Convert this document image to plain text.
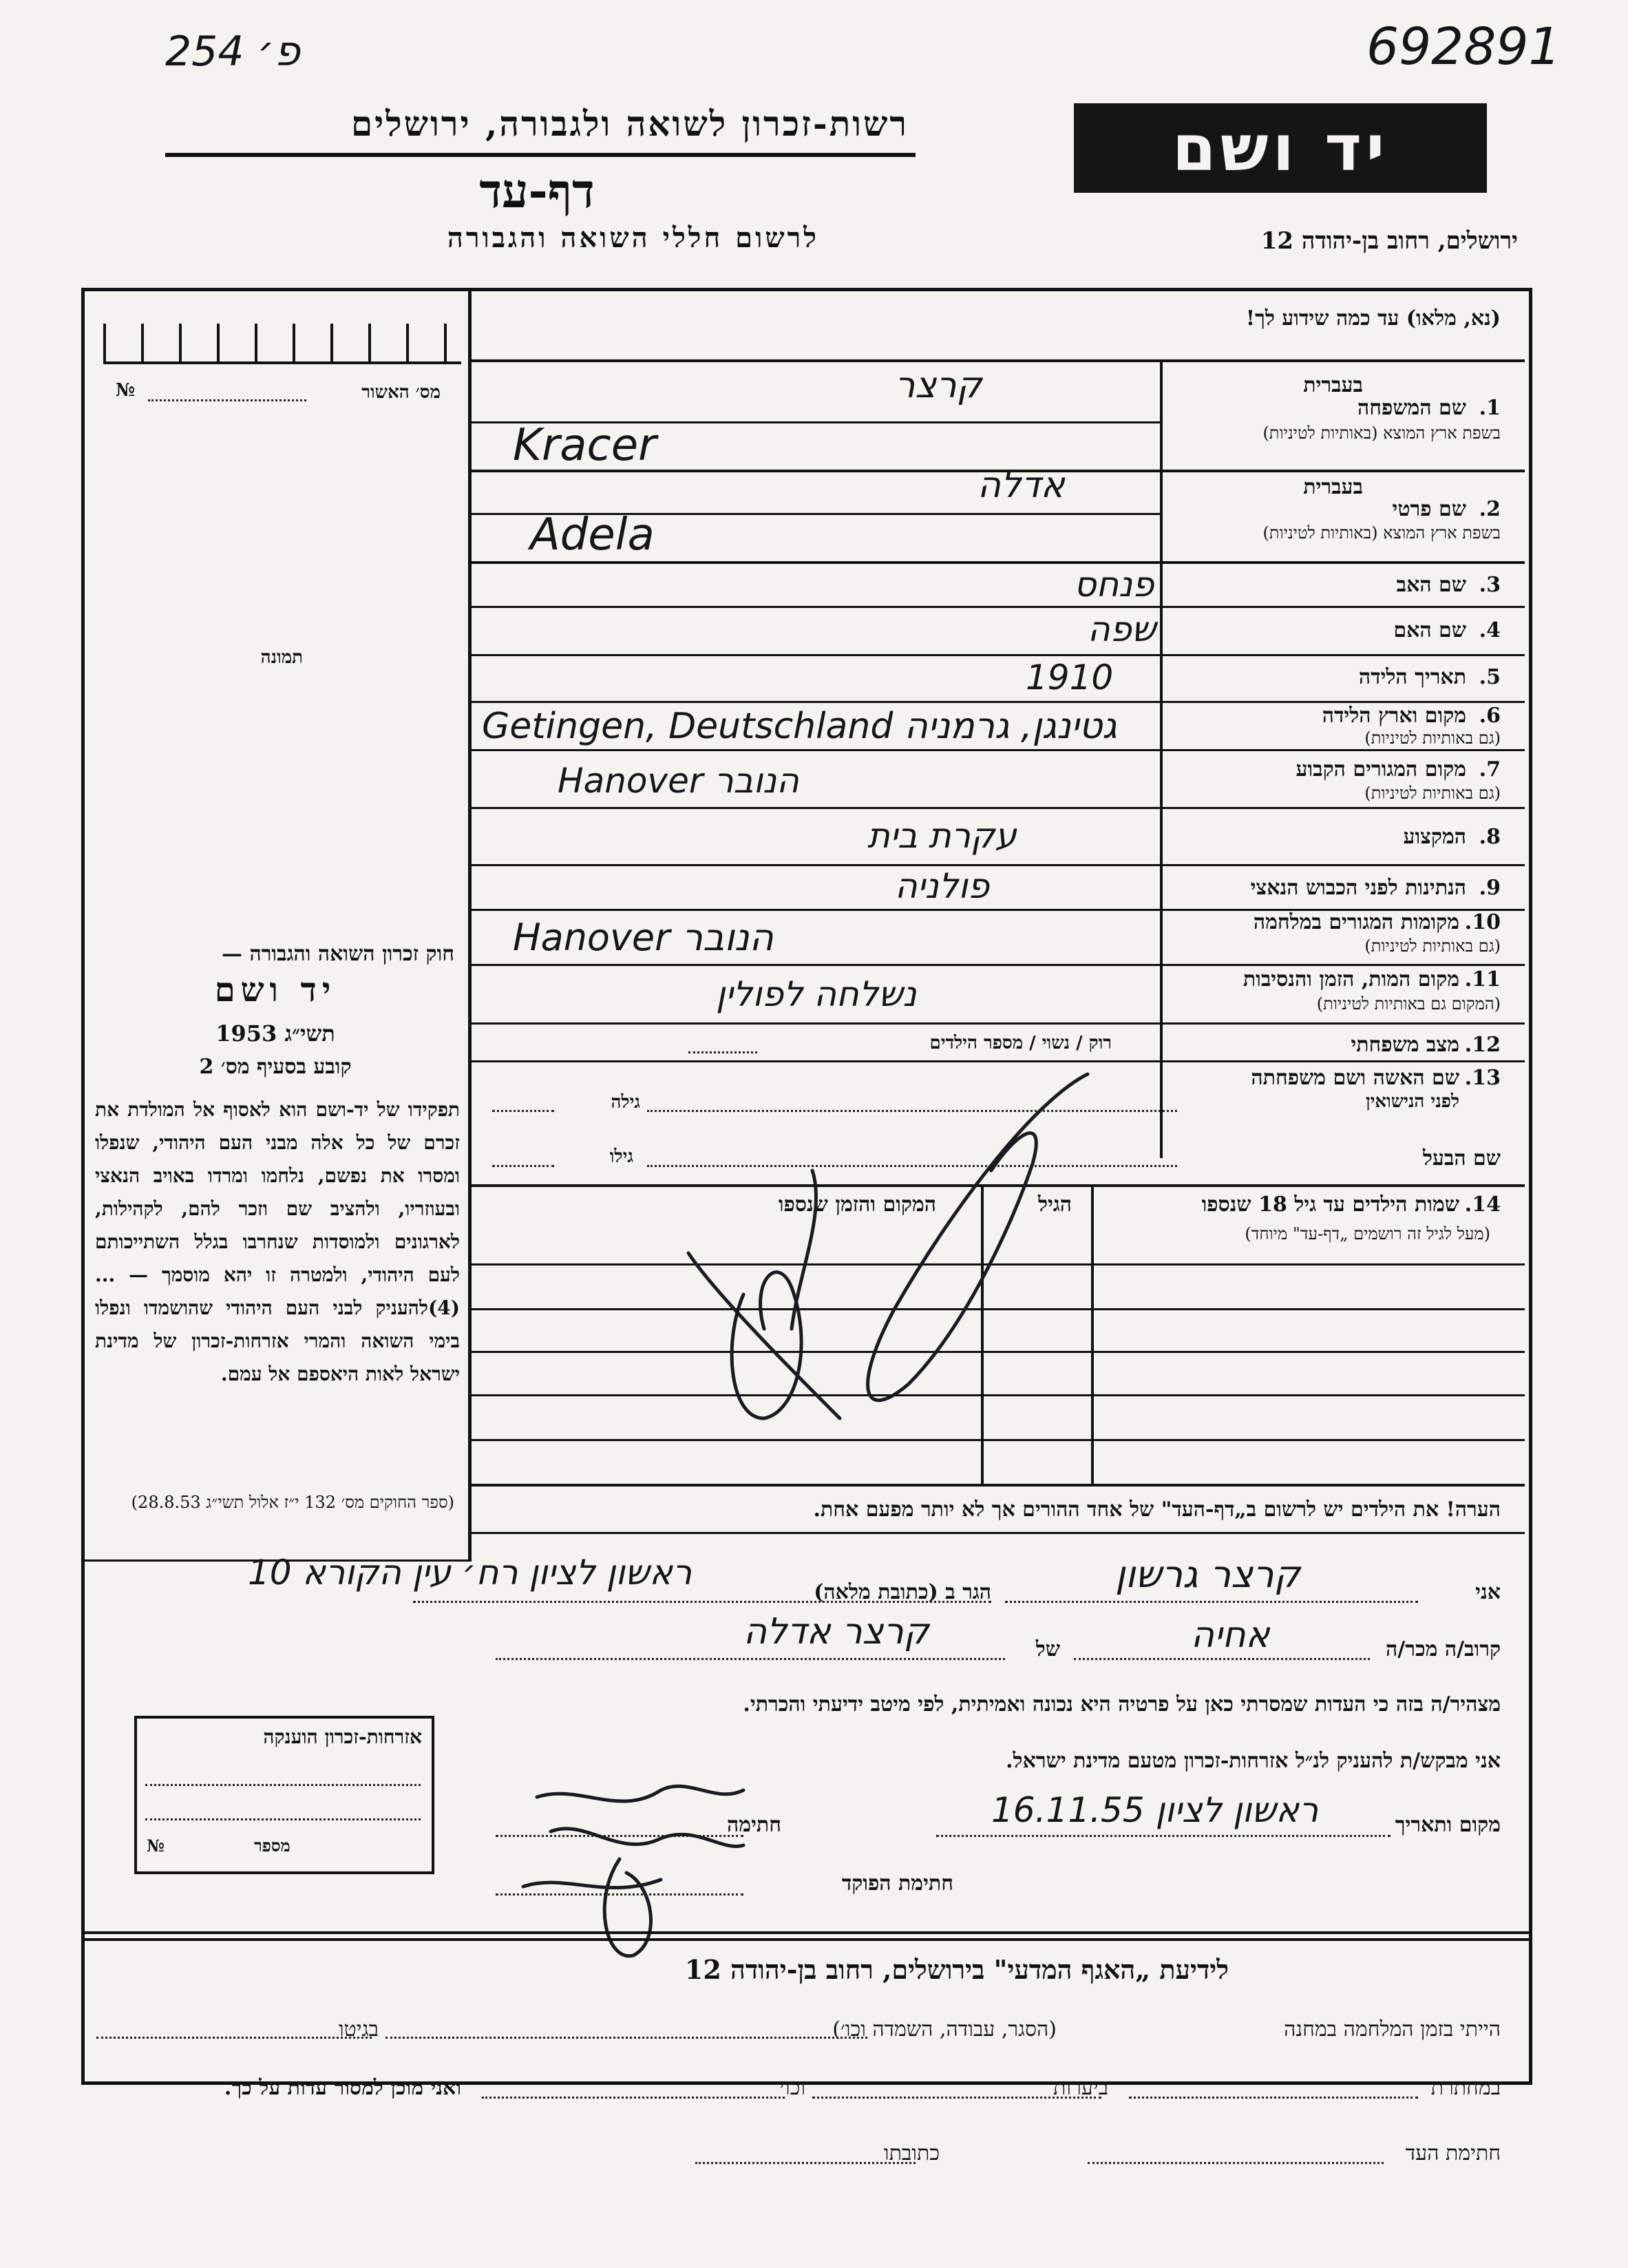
פ׳ 254	692891
רשות-זכרון לשואה ולגבורה, ירושלים
דף-עד
לרשום חללי השואה והגבורה
יד ושם
ירושלים, רחוב בן-יהודה 12
(נא, מלאו) עד כמה שידוע לך!
מס׳ האשור
№
תמונה
חוק זכרון השואה והגבורה —
יד ושם
תשי״ג 1953
קובע בסעיף מס׳ 2
תפקידו של יד-ושם הוא לאסוף אל המולדת את זכרם של כל אלה מבני העם היהודי, שנפלו ומסרו את נפשם, נלחמו ומרדו באויב הנאצי ובעוזריו, ולהציב שם וזכר להם, לקהילות, לארגונים ולמוסדות שנחרבו בגלל השתייכותם לעם היהודי, ולמטרה זו יהא מוסמך — ...(4)להעניק לבני העם היהודי שהושמדו ונפלו בימי השואה והמרי אזרחות-זכרון של מדינת ישראל לאות היאספם אל עמם.
(ספר החוקים מס׳ 132 י״ז אלול תשי״ג 28.8.53)
בעברית
1.
שם המשפחה
בשפת ארץ המוצא (באותיות לטיניות)
קרצר
Kracer
בעברית
2.
שם פרטי
בשפת ארץ המוצא (באותיות לטיניות)
אדלה
Adela
3.
שם האב
פנחס
4.
שם האם
שפה
5.
תאריך הלידה
1910
6.
מקום וארץ הלידה
(גם באותיות לטיניות)
Getingen, Deutschland גטינגן, גרמניה
7.
מקום המגורים הקבוע
(גם באותיות לטיניות)
Hanover הנובר
8.
המקצוע
עקרת בית
9.
הנתינות לפני הכבוש הנאצי
פולניה
10.
מקומות המגורים במלחמה
(גם באותיות לטיניות)
Hanover הנובר
11.
מקום המות, הזמן והנסיבות
(המקום גם באותיות לטיניות)
נשלחה לפולין
12.
מצב משפחתי
רוק / נשוי / מספר הילדים
13.
שם האשה ושם משפחתה
לפני הנישואין
גילה
שם הבעל
גילו
14.
שמות הילדים עד גיל 18 שנספו
(מעל לגיל זה רושמים „דף-עד" מיוחד)
הגיל
המקום והזמן שנספו
הערה! את הילדים יש לרשום ב„דף-העד" של אחד ההורים אך לא יותר מפעם אחת.
אני
קרצר גרשון
הגר ב (כתובת מלאה)
ראשון לציון רח׳ עין הקורא 10
קרוב/ה מכר/ה
אחיה
של
קרצר אדלה
מצהיר/ה בזה כי העדות שמסרתי כאן על פרטיה היא נכונה ואמיתית, לפי מיטב ידיעתי והכרתי.
אני מבקש/ת להעניק לנ״ל אזרחות-זכרון מטעם מדינת ישראל.
מקום ותאריך
ראשון לציון 16.11.55
חתימה
חתימת הפוקד
אזרחות-זכרון הוענקה
№	מספר
לידיעת „האגף המדעי" בירושלים, רחוב בן-יהודה 12
הייתי בזמן המלחמה במחנה
(הסגר, עבודה, השמדה וכו׳)
בגיטו
במחתרת
ביערות
וכו׳
ואני מוכן למסור עדות על כך.
חתימת העד
כתובתו
